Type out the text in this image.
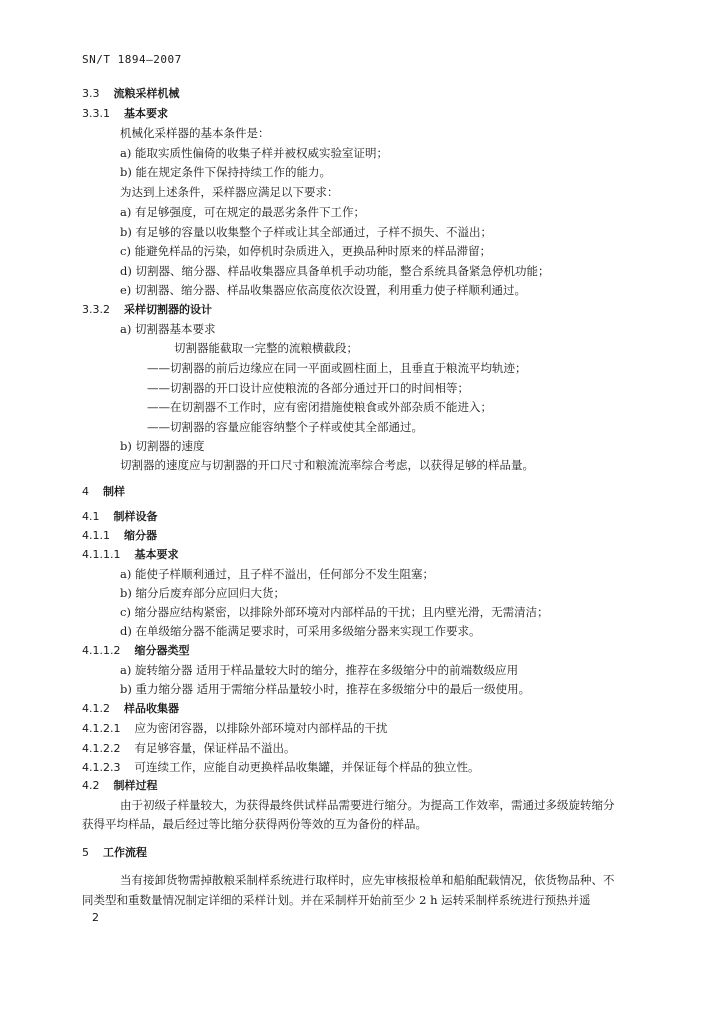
SN/T 1894—2007
3.3 流粮采样机械
3.3.1 基本要求
机械化采样器的基本条件是：
a) 能取实质性偏倚的收集子样并被权威实验室证明；
b) 能在规定条件下保持持续工作的能力。
为达到上述条件，采样器应满足以下要求：
a) 有足够强度，可在规定的最恶劣条件下工作；
b) 有足够的容量以收集整个子样或让其全部通过，子样不损失、不溢出；
c) 能避免样品的污染，如停机时杂质进入，更换品种时原来的样品滞留；
d) 切割器、缩分器、样品收集器应具备单机手动功能，整合系统具备紧急停机功能；
e) 切割器、缩分器、样品收集器应依高度依次设置，利用重力使子样顺利通过。
3.3.2 采样切割器的设计
a) 切割器基本要求
切割器能截取一完整的流粮横截段；
——切割器的前后边缘应在同一平面或圆柱面上，且垂直于粮流平均轨迹；
——切割器的开口设计应使粮流的各部分通过开口的时间相等；
——在切割器不工作时，应有密闭措施使粮食或外部杂质不能进入；
——切割器的容量应能容纳整个子样或使其全部通过。
b) 切割器的速度
切割器的速度应与切割器的开口尺寸和粮流流率综合考虑，以获得足够的样品量。
4 制样
4.1 制样设备
4.1.1 缩分器
4.1.1.1 基本要求
a) 能使子样顺利通过，且子样不溢出，任何部分不发生阻塞；
b) 缩分后废弃部分应回归大货；
c) 缩分器应结构紧密，以排除外部环境对内部样品的干扰；且内壁光滑，无需清洁；
d) 在单级缩分器不能满足要求时，可采用多级缩分器来实现工作要求。
4.1.1.2 缩分器类型
a) 旋转缩分器 适用于样品量较大时的缩分，推荐在多级缩分中的前端数级应用
b) 重力缩分器 适用于需缩分样品量较小时，推荐在多级缩分中的最后一级使用。
4.1.2 样品收集器
4.1.2.1 应为密闭容器，以排除外部环境对内部样品的干扰
4.1.2.2 有足够容量，保证样品不溢出。
4.1.2.3 可连续工作，应能自动更换样品收集罐，并保证每个样品的独立性。
4.2 制样过程
由于初级子样量较大，为获得最终供试样品需要进行缩分。为提高工作效率，需通过多级旋转缩分
获得平均样品，最后经过等比缩分获得两份等效的互为备份的样品。
5 工作流程
当有接卸货物需掉散粮采制样系统进行取样时，应先审核报检单和船舶配载情况，依货物品种、不
同类型和重数量情况制定详细的采样计划。并在采制样开始前至少 2 h 运转采制样系统进行预热并遥
2
